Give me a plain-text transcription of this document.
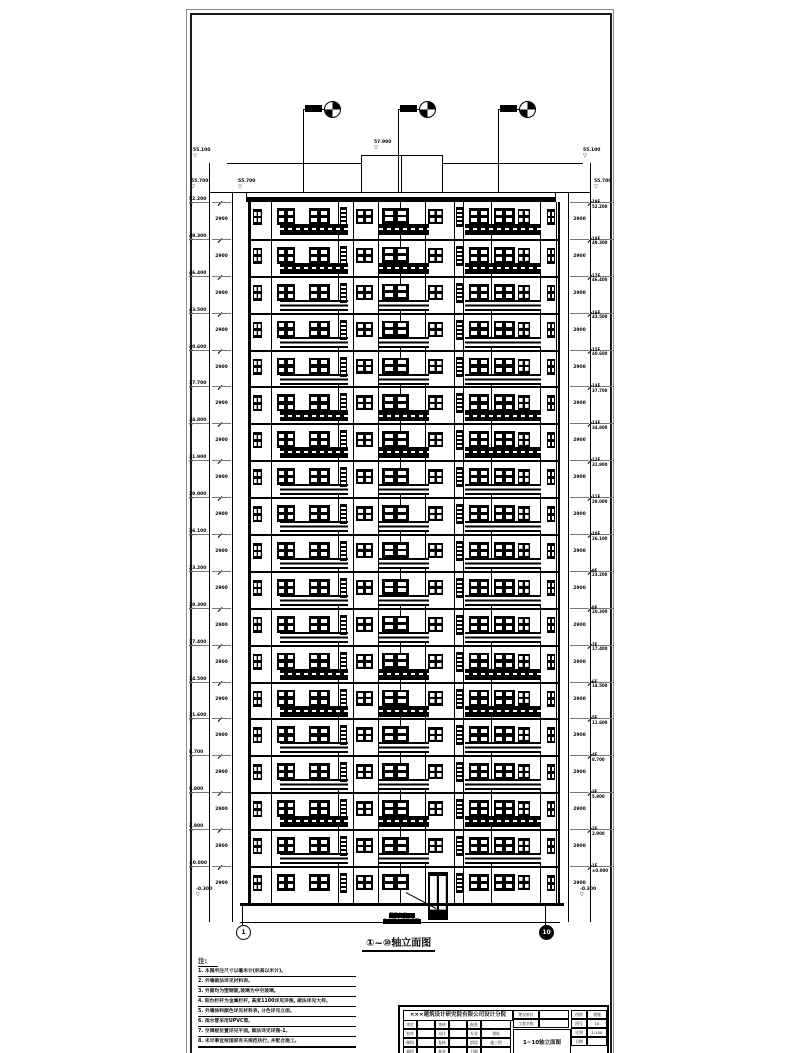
单元入口
入口平台详见详图
1	10
52.200
▽
49.300
▽
46.400
▽
43.500
▽
40.600
▽
37.700
▽
34.800
▽
31.900
▽
29.000
▽
26.100
▽
23.200
▽
20.300
▽
17.400
▽
14.500
▽
11.600
▽
8.700
▽
5.800
▽
2.900
▽
±0.000
▽
2900
2900
2900
2900
2900
2900
2900
2900
2900
2900
2900
2900
2900
2900
2900
2900
2900
2900
2900
2900
2900
2900
2900
2900
2900
2900
2900
2900
2900
2900
2900
2900
2900
2900
2900
2900
2900
2900
19F
52.200
18F
49.300
17F
46.400
16F
43.500
15F
40.600
14F
37.700
13F
34.800
12F
31.900
11F
29.000
10F
26.100
9F
23.200
8F
20.300
7F
17.400
6F
14.500
5F
11.600
4F
8.700
3F
5.800
2F
2.900
1F
±0.000
55.100
▽
55.100
▽
55.700
▽
55.700
▽
55.700
▽
57.900
▽
-0.300
▽
-0.300
▽
①~⑩轴立面图
注:
1. 本图所注尺寸以毫米计(标高以米计)。
2. 外墙做法详见材料表。
3. 外窗均为塑钢窗,玻璃为中空玻璃。
4. 阳台栏杆为金属栏杆, 高度1100详见详图, 做法详见大样。
5. 外墙涂料颜色详见材料表, 分色详见立面。
6. 雨水管采用UPVC管。
7. 空调板位置详见平面, 做法详见详图-1。
8. 未尽事宜按国家有关规范执行, 并配合施工。
×××建筑设计研究院有限公司设计分院
审定	审核	批准
校对	设计	专业	建筑
制图	复核	阶段	施工图
描图	核对	日期
建设单位
工程名称
1~10轴立面图
图别	建施
图号	10
比例	1:100
日期
